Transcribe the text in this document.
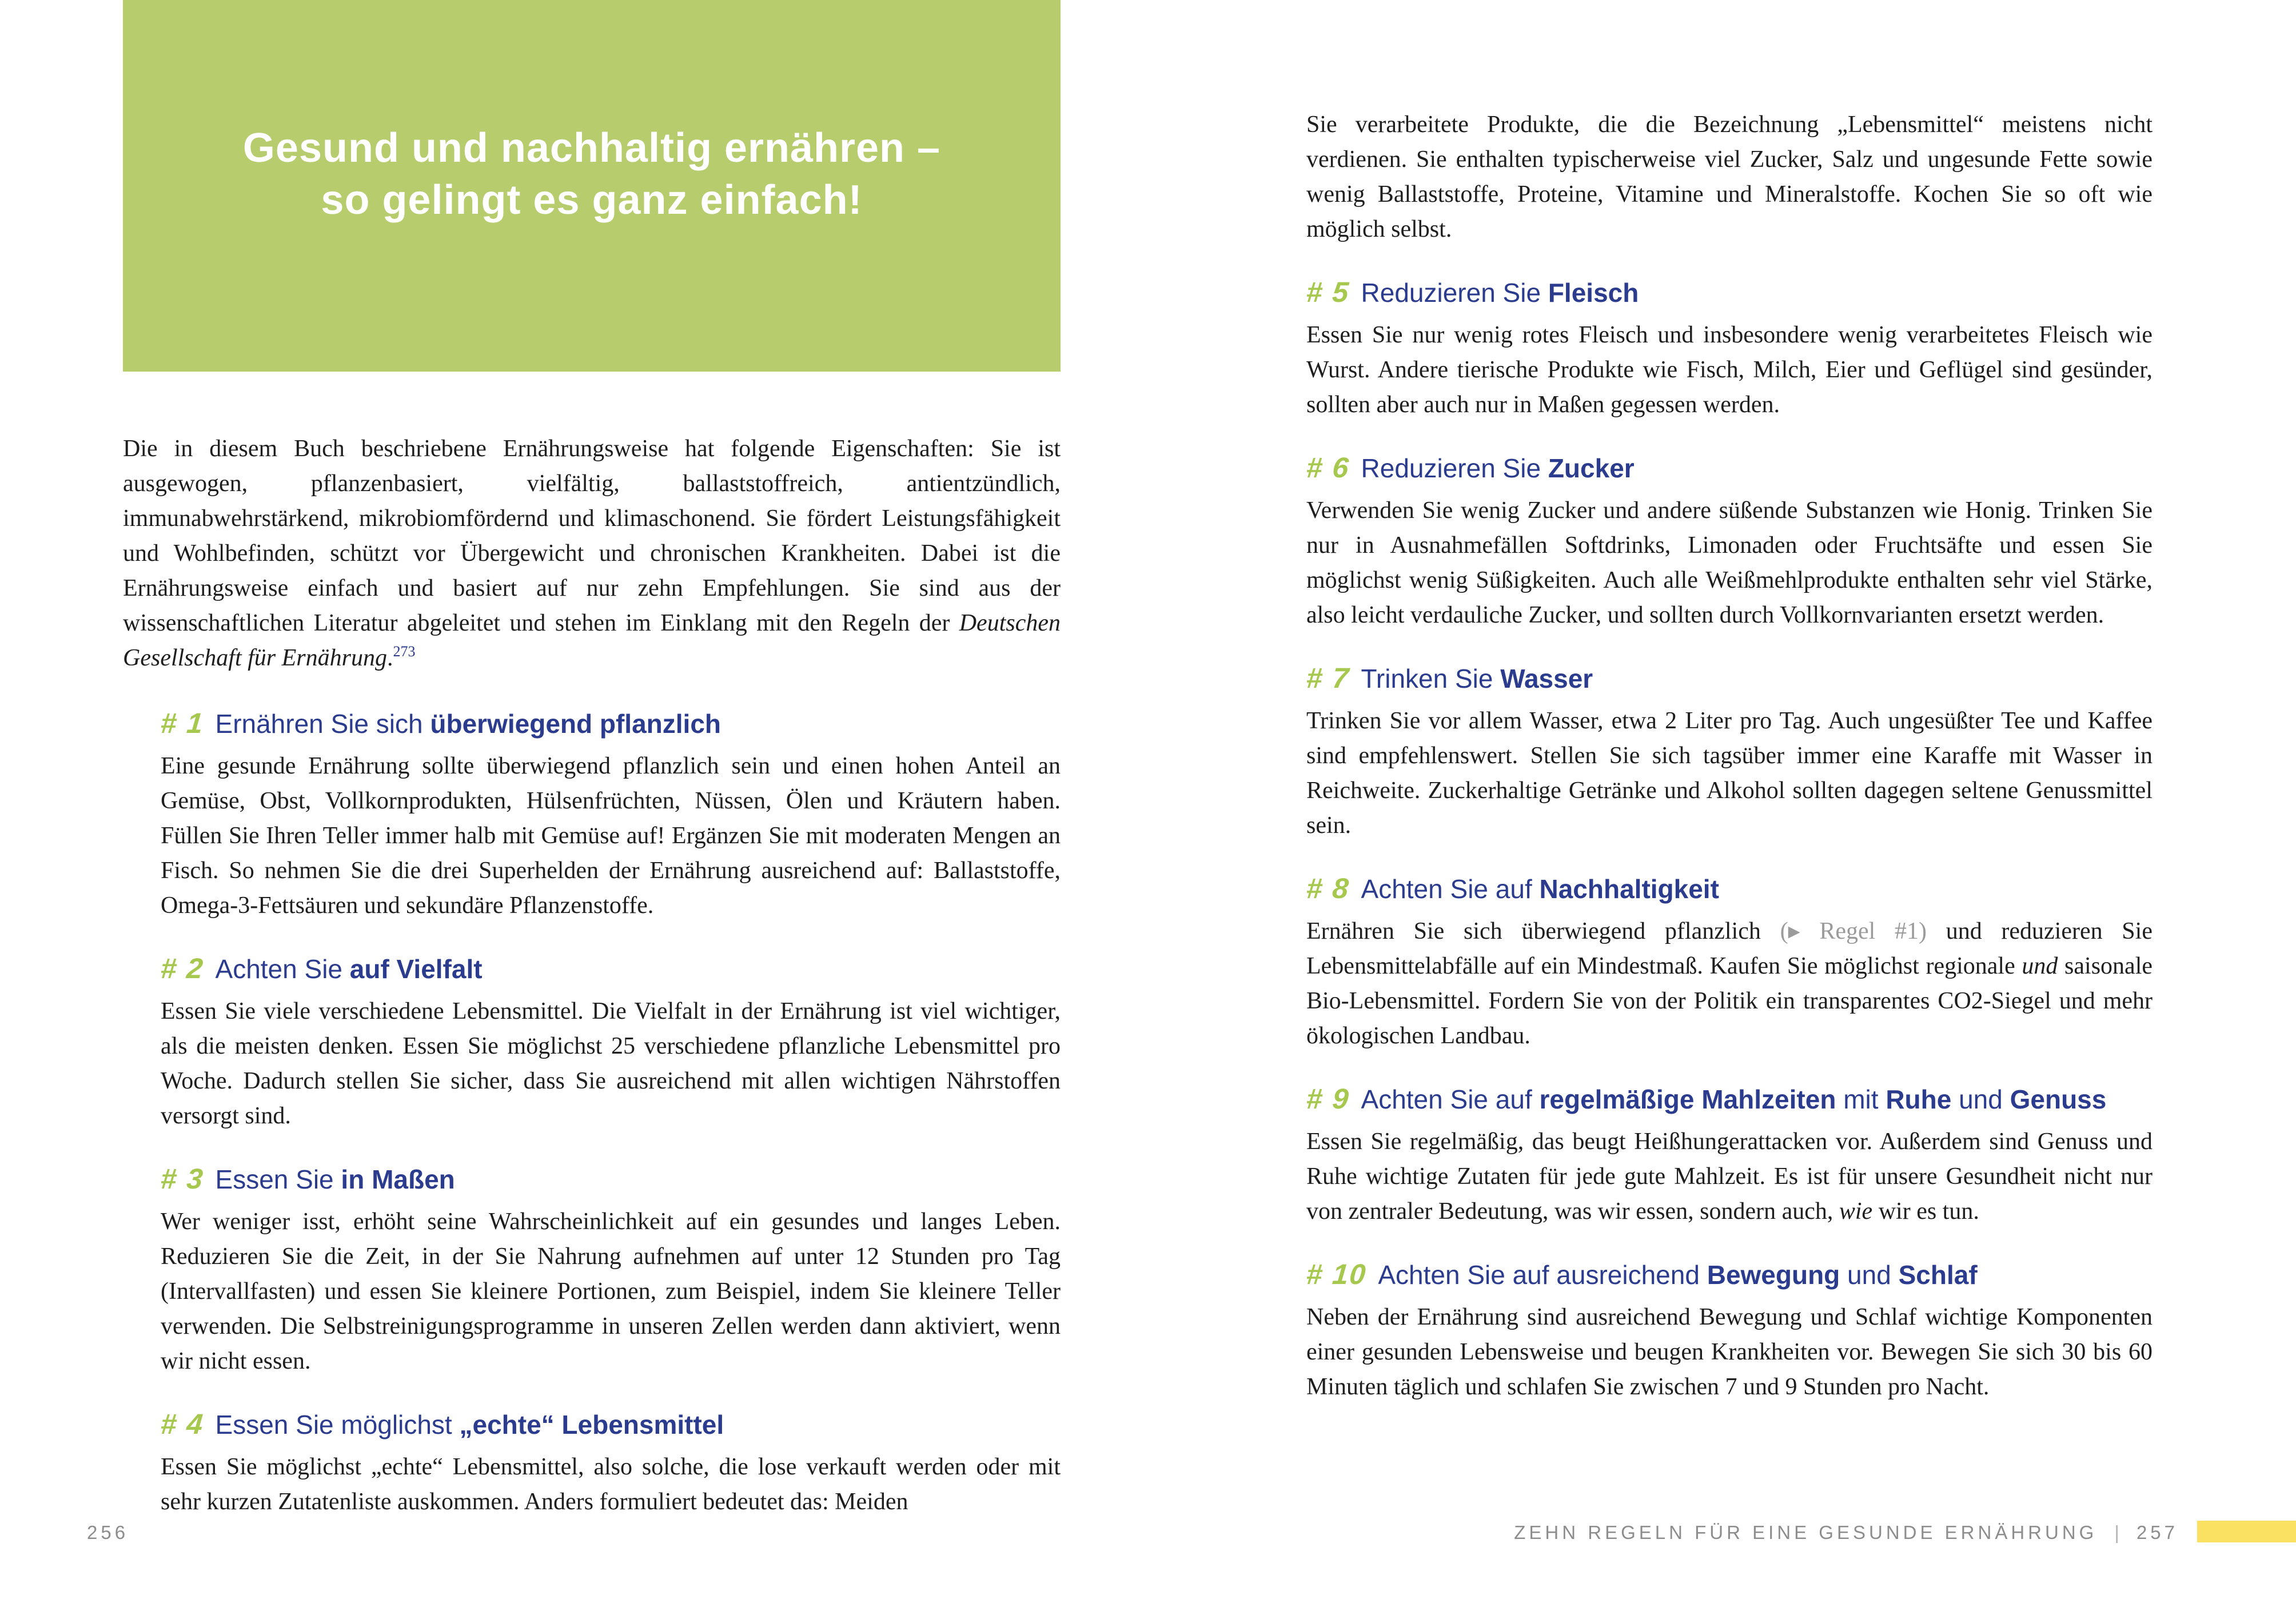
Gesund und nachhaltig ernähren –
so gelingt es ganz einfach!

Die in diesem Buch beschriebene Ernährungsweise hat folgende Eigenschaften: Sie ist ausgewogen, pflanzenbasiert, vielfältig, ballaststoffreich, antientzündlich, immunabwehrstärkend, mikrobiomfördernd und klimaschonend. Sie fördert Leistungsfähigkeit und Wohlbefinden, schützt vor Übergewicht und chronischen Krankheiten. Dabei ist die Ernährungsweise einfach und basiert auf nur zehn Empfehlungen. Sie sind aus der wissenschaftlichen Literatur abgeleitet und stehen im Einklang mit den Regeln der Deutschen Gesellschaft für Ernährung.$^{273}$

# 1 Ernähren Sie sich überwiegend pflanzlich

Eine gesunde Ernährung sollte überwiegend pflanzlich sein und einen hohen Anteil an Gemüse, Obst, Vollkornprodukten, Hülsenfrüchten, Nüssen, Ölen und Kräutern haben. Füllen Sie Ihren Teller immer halb mit Gemüse auf! Ergänzen Sie mit moderaten Mengen an Fisch. So nehmen Sie die drei Superhelden der Ernährung ausreichend auf: Ballaststoffe, Omega-3-Fettsäuren und sekundäre Pflanzenstoffe.

# 2 Achten Sie auf Vielfalt

Essen Sie viele verschiedene Lebensmittel. Die Vielfalt in der Ernährung ist viel wichtiger, als die meisten denken. Essen Sie möglichst 25 verschiedene pflanzliche Lebensmittel pro Woche. Dadurch stellen Sie sicher, dass Sie ausreichend mit allen wichtigen Nährstoffen versorgt sind.

# 3 Essen Sie in Maßen

Wer weniger isst, erhöht seine Wahrscheinlichkeit auf ein gesundes und langes Leben. Reduzieren Sie die Zeit, in der Sie Nahrung aufnehmen auf unter 12 Stunden pro Tag (Intervallfasten) und essen Sie kleinere Portionen, zum Beispiel, indem Sie kleinere Teller verwenden. Die Selbstreinigungsprogramme in unseren Zellen werden dann aktiviert, wenn wir nicht essen.

# 4 Essen Sie möglichst „echte“ Lebensmittel

Essen Sie möglichst „echte“ Lebensmittel, also solche, die lose verkauft werden oder mit sehr kurzen Zutatenliste auskommen. Anders formuliert bedeutet das: Meiden

256

Sie verarbeitete Produkte, die die Bezeichnung „Lebensmittel“ meistens nicht verdienen. Sie enthalten typischerweise viel Zucker, Salz und ungesunde Fette sowie wenig Ballaststoffe, Proteine, Vitamine und Mineralstoffe. Kochen Sie so oft wie möglich selbst.

# 5 Reduzieren Sie Fleisch

Essen Sie nur wenig rotes Fleisch und insbesondere wenig verarbeitetes Fleisch wie Wurst. Andere tierische Produkte wie Fisch, Milch, Eier und Geflügel sind gesünder, sollten aber auch nur in Maßen gegessen werden.

# 6 Reduzieren Sie Zucker

Verwenden Sie wenig Zucker und andere süßende Substanzen wie Honig. Trinken Sie nur in Ausnahmefällen Softdrinks, Limonaden oder Fruchtsäfte und essen Sie möglichst wenig Süßigkeiten. Auch alle Weißmehlprodukte enthalten sehr viel Stärke, also leicht verdauliche Zucker, und sollten durch Vollkornvarianten ersetzt werden.

# 7 Trinken Sie Wasser

Trinken Sie vor allem Wasser, etwa 2 Liter pro Tag. Auch ungesüßter Tee und Kaffee sind empfehlenswert. Stellen Sie sich tagsüber immer eine Karaffe mit Wasser in Reichweite. Zuckerhaltige Getränke und Alkohol sollten dagegen seltene Genussmittel sein.

# 8 Achten Sie auf Nachhaltigkeit

Ernähren Sie sich überwiegend pflanzlich (▸ Regel #1) und reduzieren Sie Lebensmittelabfälle auf ein Mindestmaß. Kaufen Sie möglichst regionale und saisonale Bio-Lebensmittel. Fordern Sie von der Politik ein transparentes CO2-Siegel und mehr ökologischen Landbau.

# 9 Achten Sie auf regelmäßige Mahlzeiten mit Ruhe und Genuss

Essen Sie regelmäßig, das beugt Heißhungerattacken vor. Außerdem sind Genuss und Ruhe wichtige Zutaten für jede gute Mahlzeit. Es ist für unsere Gesundheit nicht nur von zentraler Bedeutung, was wir essen, sondern auch, wie wir es tun.

# 10 Achten Sie auf ausreichend Bewegung und Schlaf

Neben der Ernährung sind ausreichend Bewegung und Schlaf wichtige Komponenten einer gesunden Lebensweise und beugen Krankheiten vor. Bewegen Sie sich 30 bis 60 Minuten täglich und schlafen Sie zwischen 7 und 9 Stunden pro Nacht.

ZEHN REGELN FÜR EINE GESUNDE ERNÄHRUNG | 257
